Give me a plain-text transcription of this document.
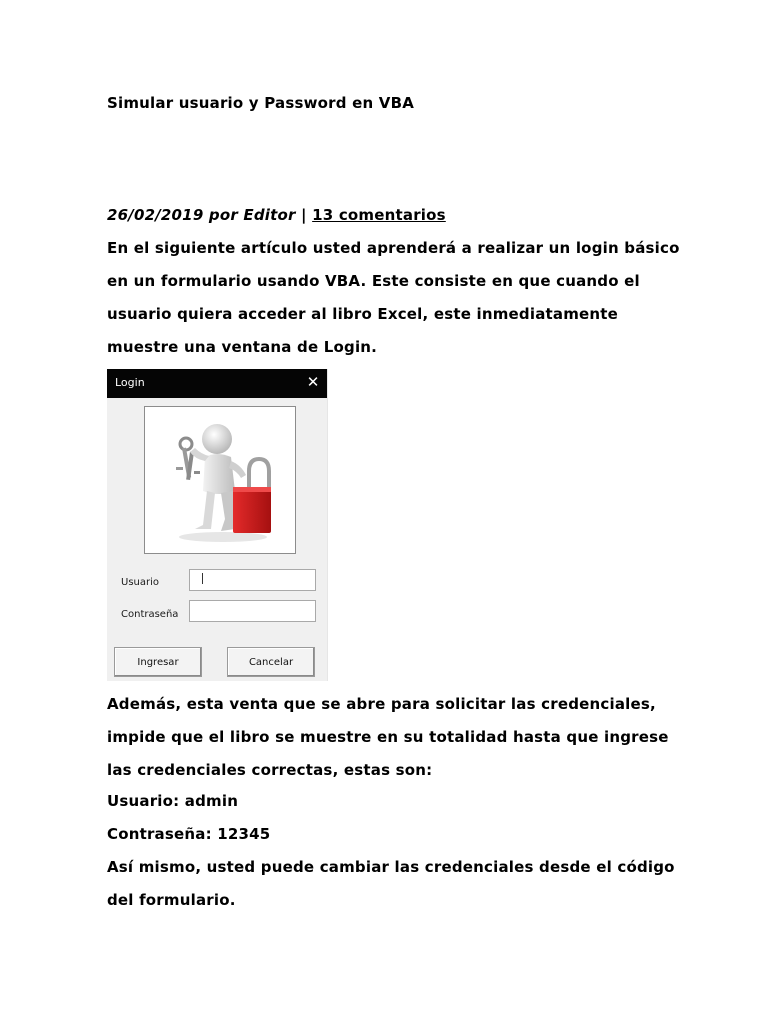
Simular usuario y Password en VBA
26/02/2019 por Editor | 13 comentarios
En el siguiente artículo usted aprenderá a realizar un login básico
en un formulario usando VBA. Este consiste en que cuando el
usuario quiera acceder al libro Excel, este inmediatamente
muestre una ventana de Login.
Login	✕
Usuario
Contraseña
Ingresar	Cancelar
Además, esta venta que se abre para solicitar las credenciales,
impide que el libro se muestre en su totalidad hasta que ingrese
las credenciales correctas, estas son:
Usuario: admin
Contraseña: 12345
Así mismo, usted puede cambiar las credenciales desde el código
del formulario.
